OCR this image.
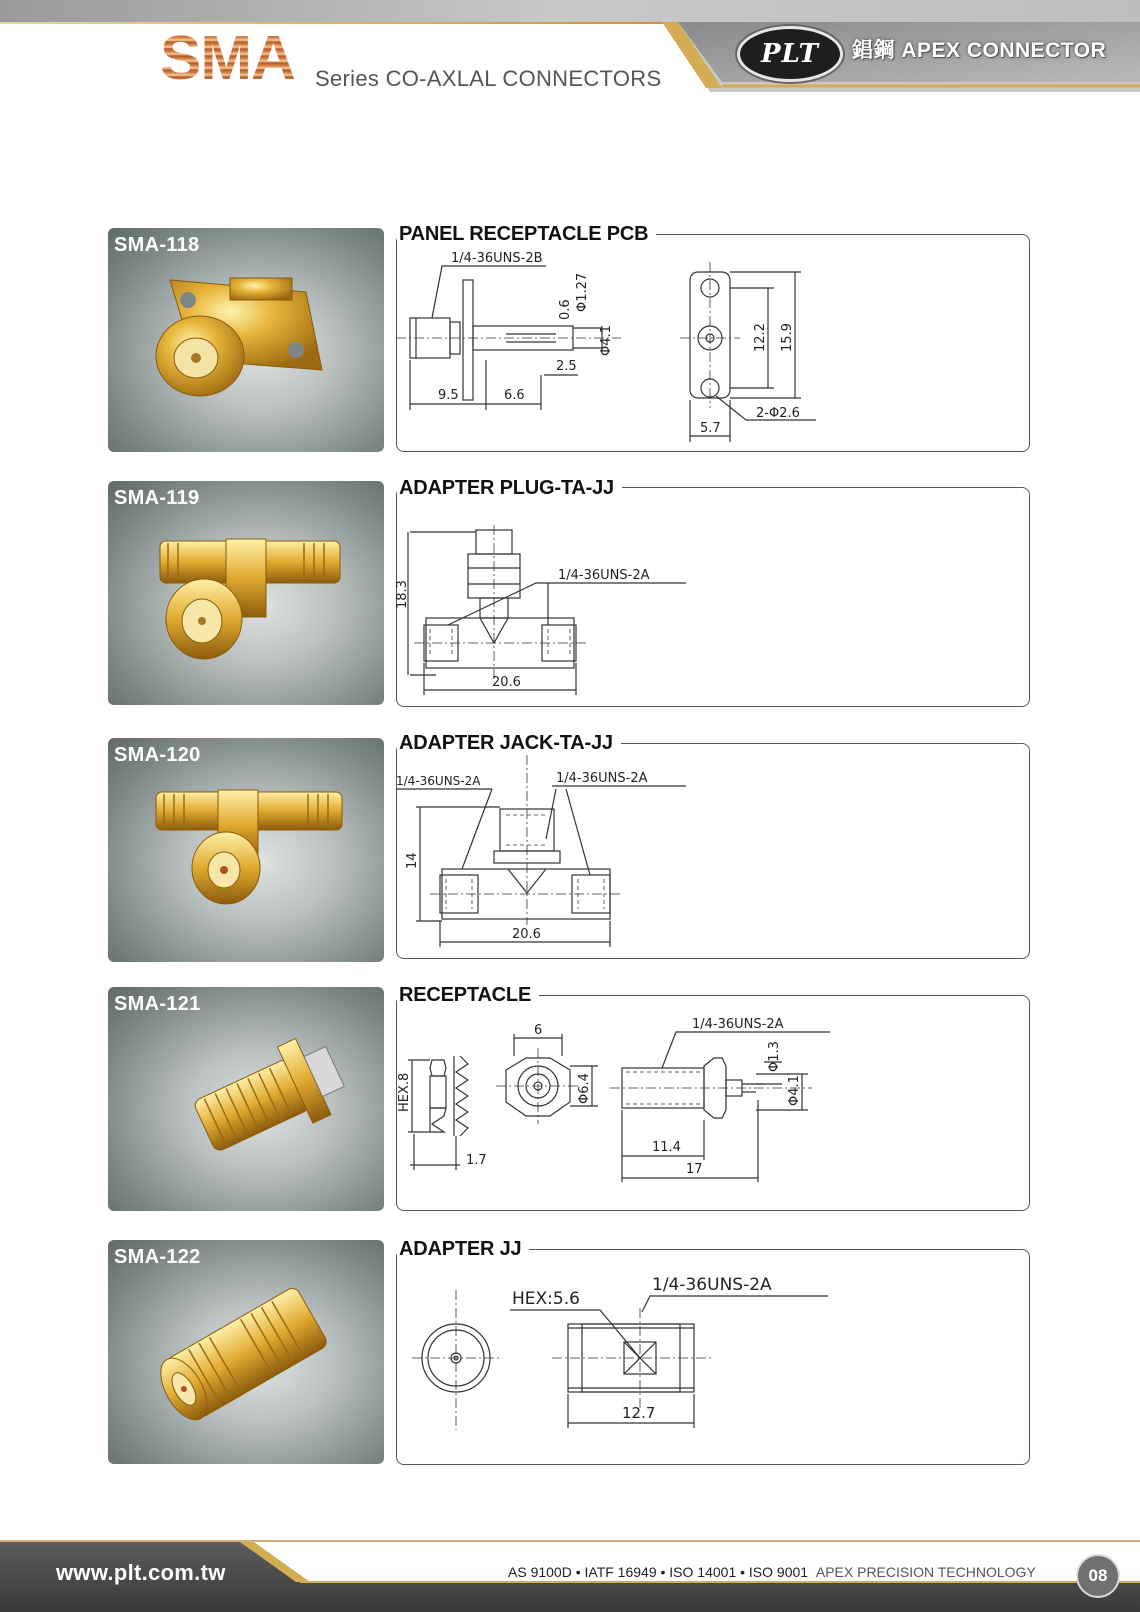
SMA Series CO-AXLAL CONNECTORS
PLT 錩鋼 APEX CONNECTOR
SMA-118	PANEL RECEPTACLE PCB
1/4-36UNS-2B
9.5	6.6
2.5
0.6 Φ1.27
Φ4.1	12.2 15.9
5.7
2-Φ2.6
SMA-119	ADAPTER PLUG-TA-JJ
18.3
1/4-36UNS-2A
20.6
SMA-120
ADAPTER JACK-TA-JJ
1/4-36UNS-2A	1/4-36UNS-2A
14
20.6
SMA-121	RECEPTACLE
HEX.8
1.7
6
Φ6.4
1/4-36UNS-2A
Φ1.3
Φ4.1
11.4
17
SMA-122	ADAPTER JJ
HEX:5.6
1/4-36UNS-2A
12.7
www.plt.com.tw	AS 9100D • IATF 16949 • ISO 14001 • ISO 9001 APEX PRECISION TECHNOLOGY	08
